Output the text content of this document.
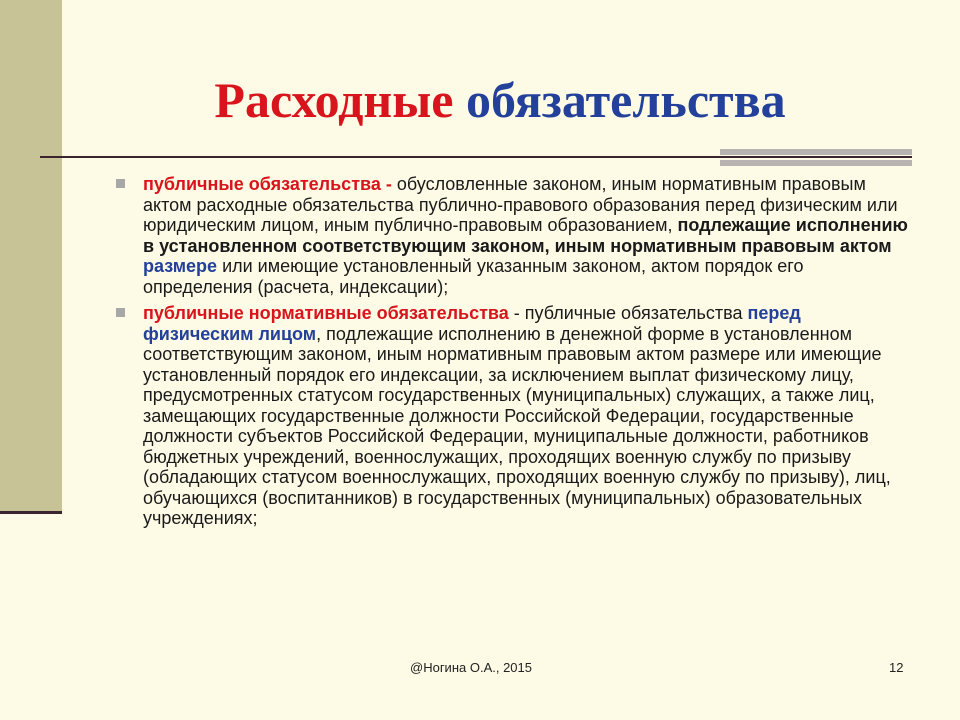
Расходные обязательства
публичные обязательства - обусловленные законом, иным нормативным правовым актом расходные обязательства публично-правового образования перед физическим или юридическим лицом, иным публично-правовым образованием, подлежащие исполнению в установленном соответствующим законом, иным нормативным правовым актом размере или имеющие установленный указанным законом, актом порядок его определения (расчета, индексации);
публичные нормативные обязательства - публичные обязательства перед физическим лицом, подлежащие исполнению в денежной форме в установленном соответствующим законом, иным нормативным правовым актом размере или имеющие установленный порядок его индексации, за исключением выплат физическому лицу, предусмотренных статусом государственных (муниципальных) служащих, а также лиц, замещающих государственные должности Российской Федерации, государственные должности субъектов Российской Федерации, муниципальные должности, работников бюджетных учреждений, военнослужащих, проходящих военную службу по призыву (обладающих статусом военнослужащих, проходящих военную службу по призыву), лиц, обучающихся (воспитанников) в государственных (муниципальных) образовательных учреждениях;
@Ногина О.А., 2015	12
